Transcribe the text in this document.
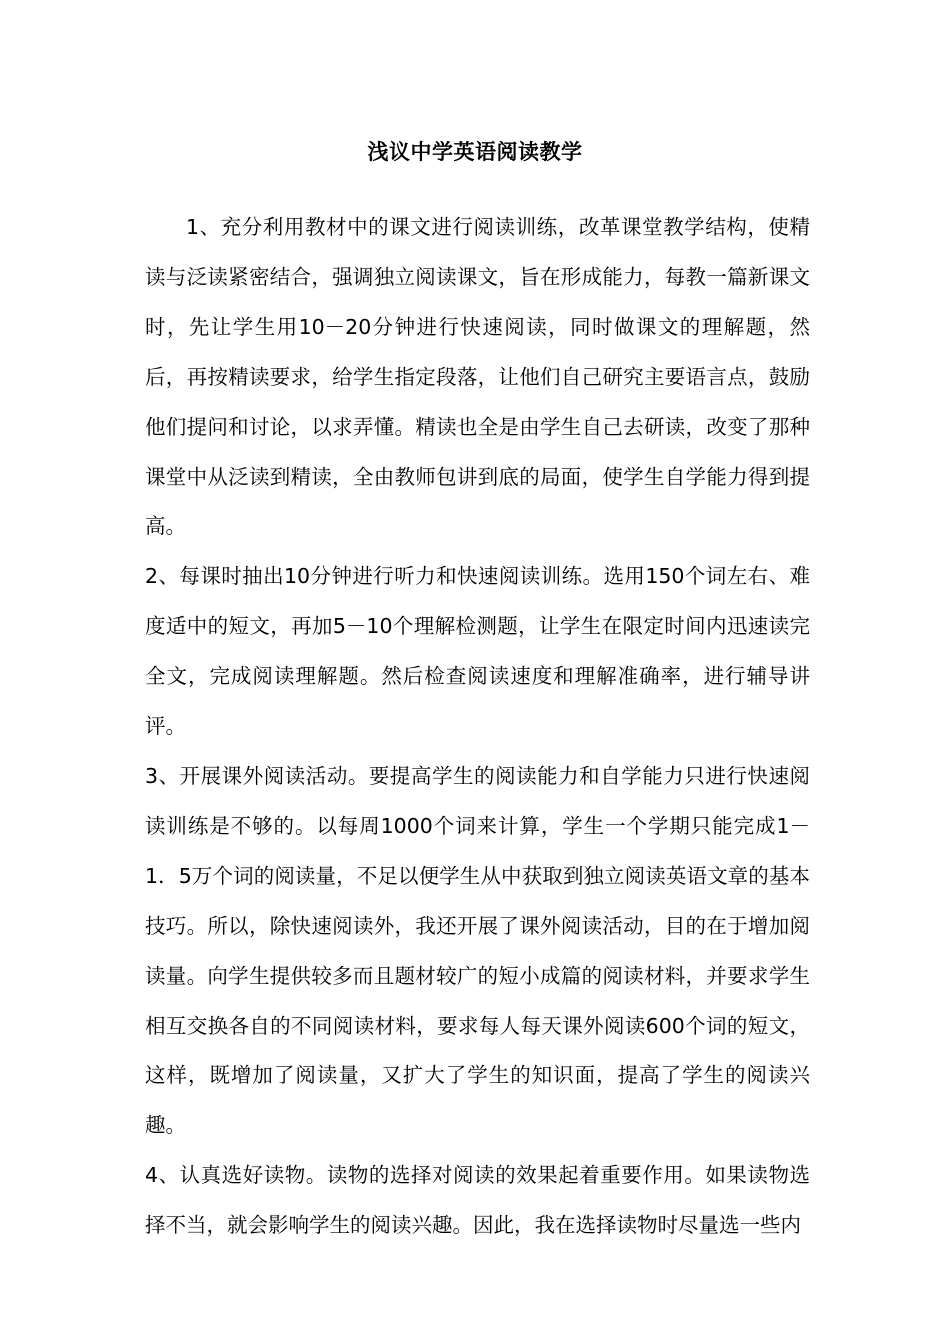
浅议中学英语阅读教学

1、充分利用教材中的课文进行阅读训练，改革课堂教学结构，使精读与泛读紧密结合，强调独立阅读课文，旨在形成能力，每教一篇新课文时，先让学生用10－20分钟进行快速阅读，同时做课文的理解题，然后，再按精读要求，给学生指定段落，让他们自己研究主要语言点，鼓励他们提问和讨论，以求弄懂。精读也全是由学生自己去研读，改变了那种课堂中从泛读到精读，全由教师包讲到底的局面，使学生自学能力得到提高。

2、每课时抽出10分钟进行听力和快速阅读训练。选用150个词左右、难度适中的短文，再加5－10个理解检测题，让学生在限定时间内迅速读完全文，完成阅读理解题。然后检查阅读速度和理解准确率，进行辅导讲评。

3、开展课外阅读活动。要提高学生的阅读能力和自学能力只进行快速阅读训练是不够的。以每周1000个词来计算，学生一个学期只能完成1－1．5万个词的阅读量，不足以便学生从中获取到独立阅读英语文章的基本技巧。所以，除快速阅读外，我还开展了课外阅读活动，目的在于增加阅读量。向学生提供较多而且题材较广的短小成篇的阅读材料，并要求学生相互交换各自的不同阅读材料，要求每人每天课外阅读600个词的短文，这样，既增加了阅读量，又扩大了学生的知识面，提高了学生的阅读兴趣。

4、认真选好读物。读物的选择对阅读的效果起着重要作用。如果读物选择不当，就会影响学生的阅读兴趣。因此，我在选择读物时尽量选一些内
